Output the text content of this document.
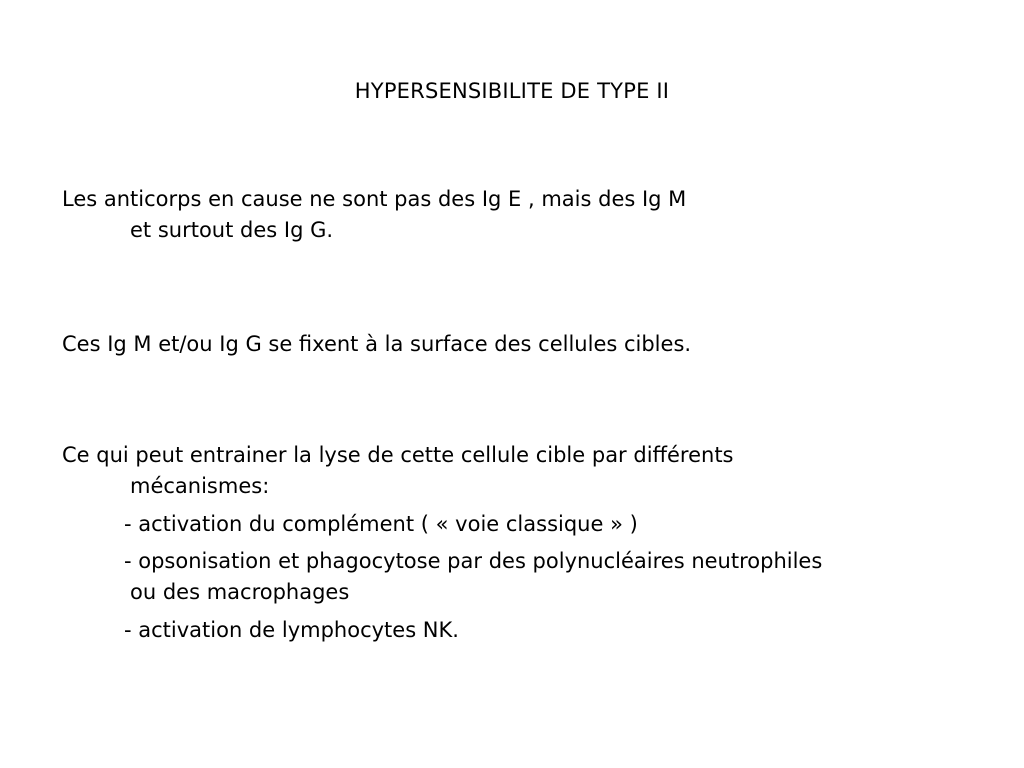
HYPERSENSIBILITE DE TYPE II
Les anticorps en cause ne sont pas des Ig E , mais des Ig M
et surtout des Ig G.
Ces Ig M et/ou Ig G se fixent à la surface des cellules cibles.
Ce qui peut entrainer la lyse de cette cellule cible par différents
mécanismes:
- activation du complément ( « voie classique » )
- opsonisation et phagocytose par des polynucléaires neutrophiles
ou des macrophages
- activation de lymphocytes NK.
